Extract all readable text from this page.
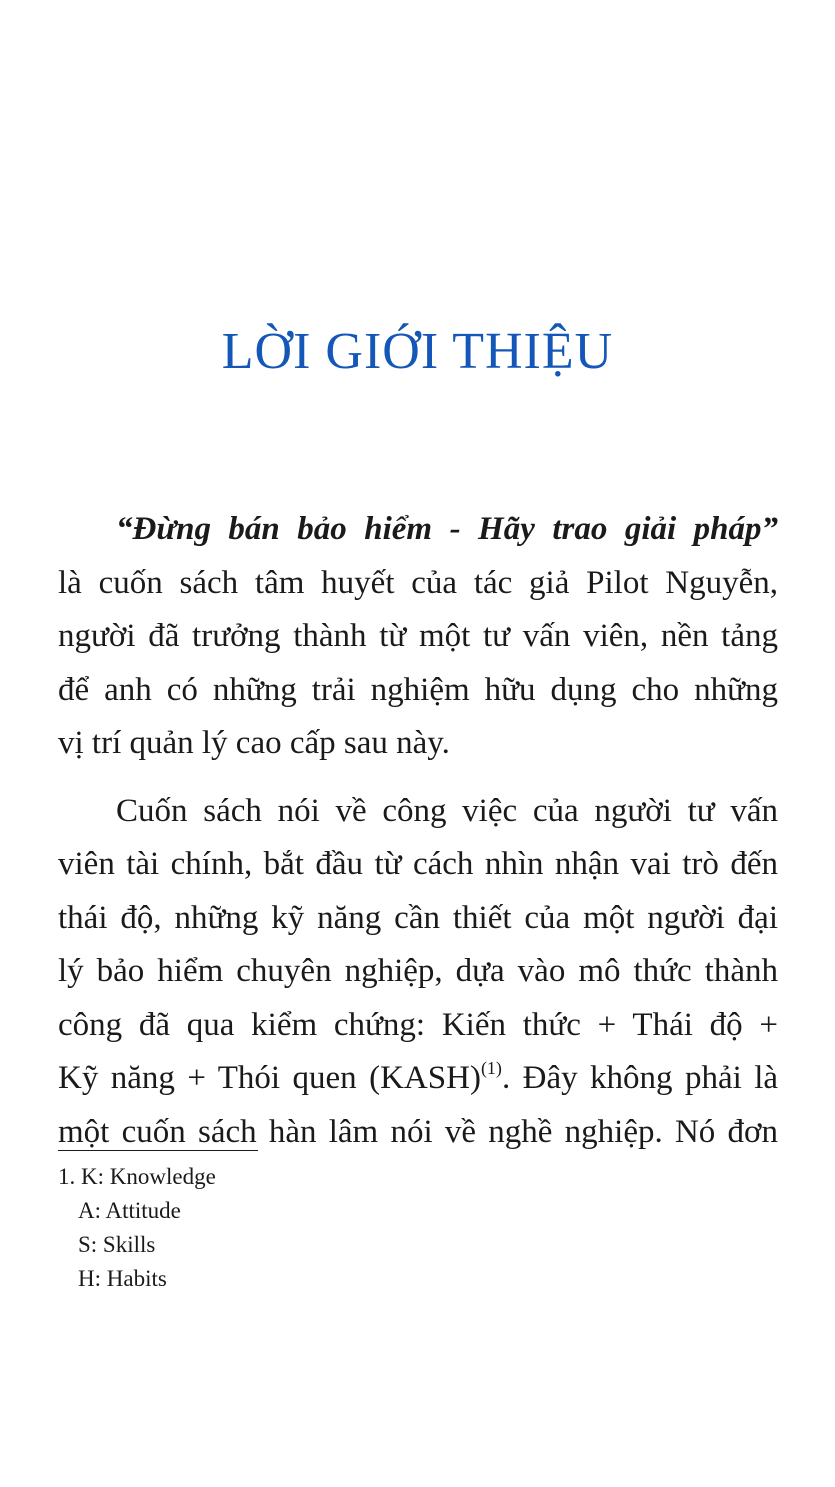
LỜI GIỚI THIỆU
“Đừng bán bảo hiểm - Hãy trao giải pháp”
là cuốn sách tâm huyết của tác giả Pilot Nguyễn,
người đã trưởng thành từ một tư vấn viên, nền tảng
để anh có những trải nghiệm hữu dụng cho những
vị trí quản lý cao cấp sau này.
Cuốn sách nói về công việc của người tư vấn
viên tài chính, bắt đầu từ cách nhìn nhận vai trò đến
thái độ, những kỹ năng cần thiết của một người đại
lý bảo hiểm chuyên nghiệp, dựa vào mô thức thành
công đã qua kiểm chứng: Kiến thức + Thái độ +
Kỹ năng + Thói quen (KASH)$^{(1)}$. Đây không phải là
một cuốn sách hàn lâm nói về nghề nghiệp. Nó đơn
1. K: Knowledge
A: Attitude
S: Skills
H: Habits
